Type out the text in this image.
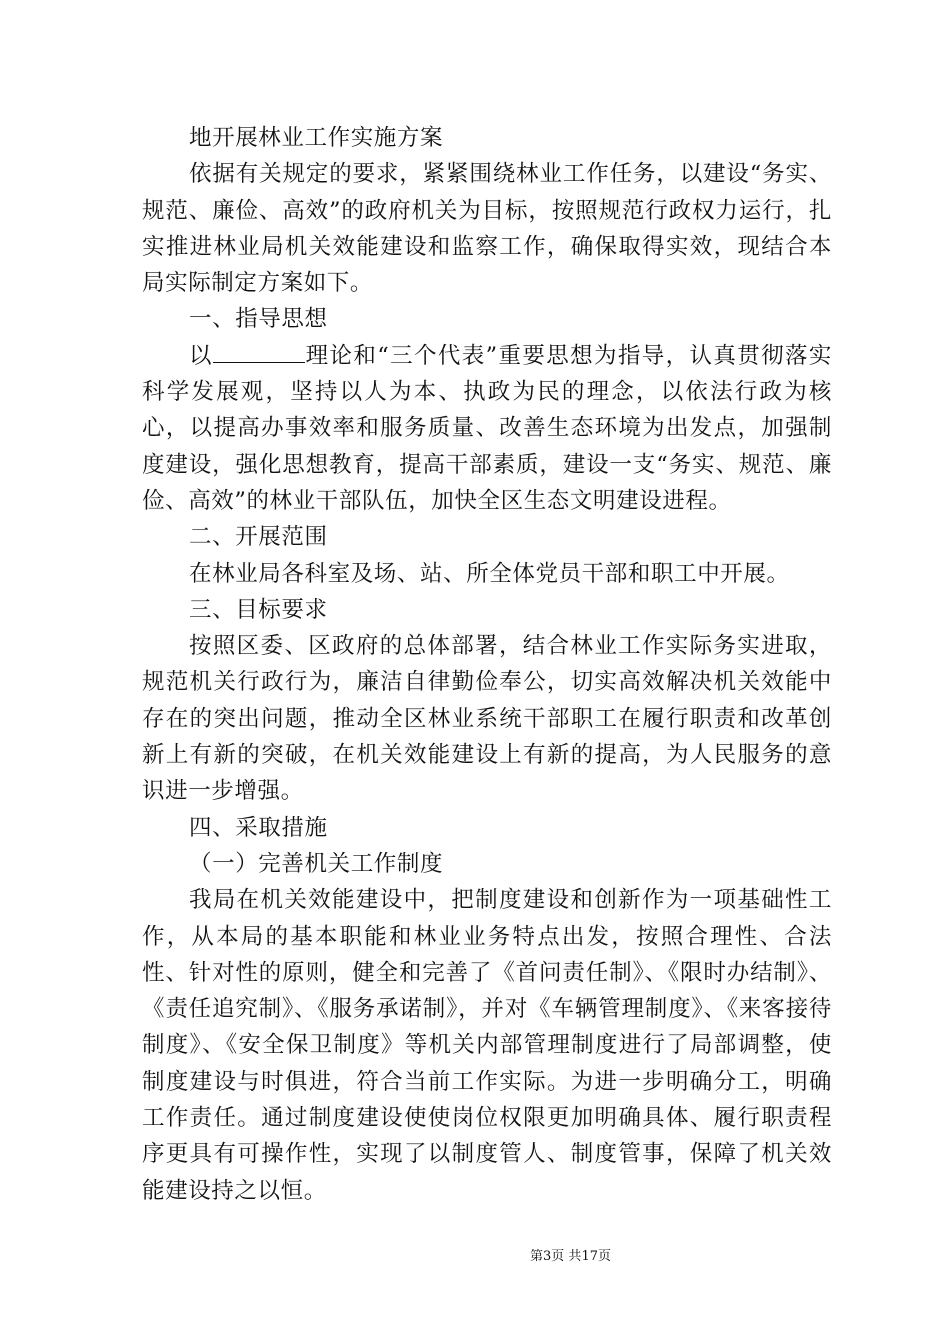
地开展林业工作实施方案

依据有关规定的要求，紧紧围绕林业工作任务，以建设“务实、规范、廉俭、高效”的政府机关为目标，按照规范行政权力运行，扎实推进林业局机关效能建设和监察工作，确保取得实效，现结合本局实际制定方案如下。

一、指导思想

以	理论和“三个代表”重要思想为指导，认真贯彻落实科学发展观，坚持以人为本、执政为民的理念，以依法行政为核心，以提高办事效率和服务质量、改善生态环境为出发点，加强制度建设，强化思想教育，提高干部素质，建设一支“务实、规范、廉俭、高效”的林业干部队伍，加快全区生态文明建设进程。

二、开展范围

在林业局各科室及场、站、所全体党员干部和职工中开展。

三、目标要求

按照区委、区政府的总体部署，结合林业工作实际务实进取，规范机关行政行为，廉洁自律勤俭奉公，切实高效解决机关效能中存在的突出问题，推动全区林业系统干部职工在履行职责和改革创新上有新的突破，在机关效能建设上有新的提高，为人民服务的意识进一步增强。

四、采取措施

（一）完善机关工作制度

我局在机关效能建设中，把制度建设和创新作为一项基础性工作，从本局的基本职能和林业业务特点出发，按照合理性、合法性、针对性的原则，健全和完善了《首问责任制》、《限时办结制》、《责任追究制》、《服务承诺制》，并对《车辆管理制度》、《来客接待制度》、《安全保卫制度》等机关内部管理制度进行了局部调整，使制度建设与时俱进，符合当前工作实际。为进一步明确分工，明确工作责任。通过制度建设使使岗位权限更加明确具体、履行职责程序更具有可操作性，实现了以制度管人、制度管事，保障了机关效能建设持之以恒。

第3页 共17页
